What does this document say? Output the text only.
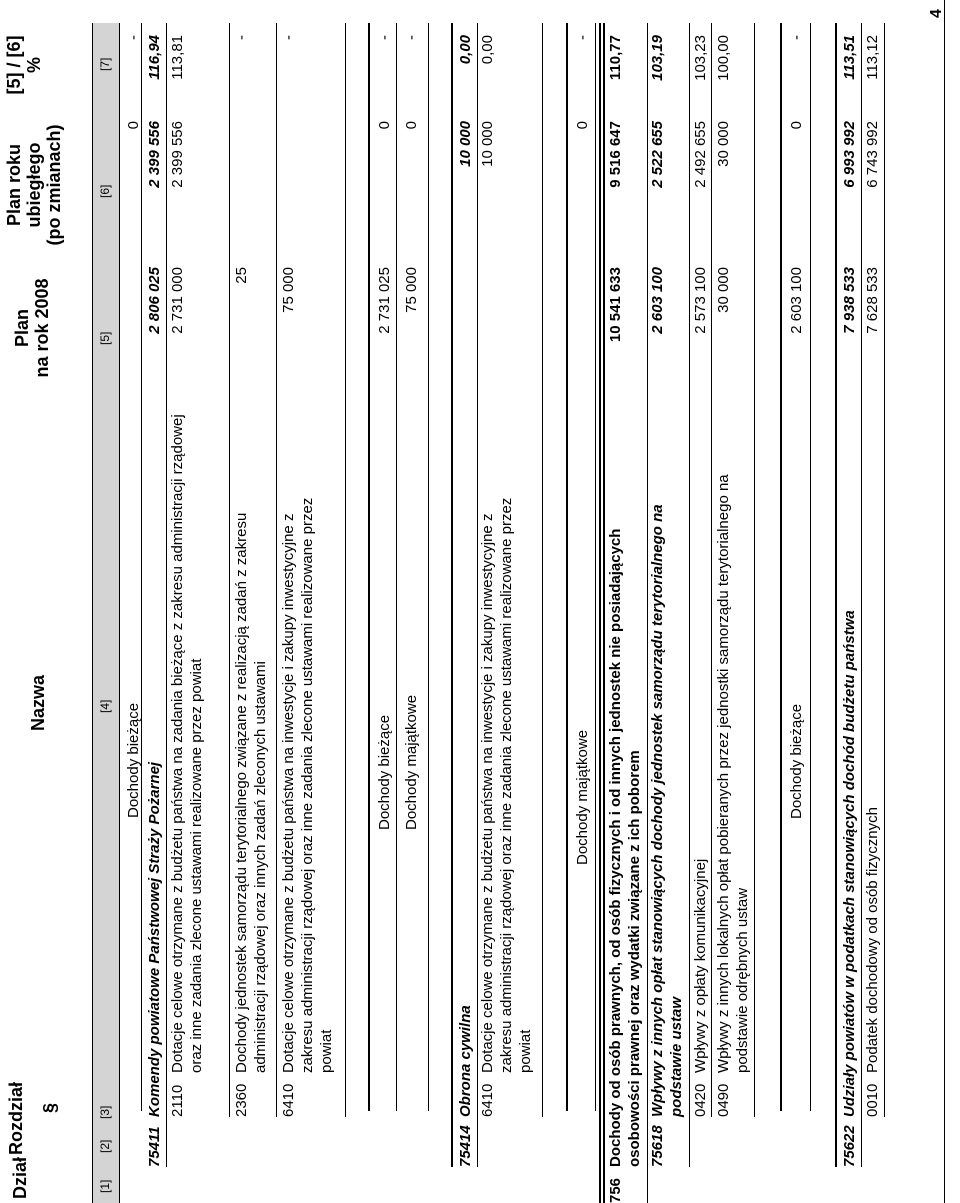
Dział
Rozdział §
Nazwa
Plan na rok 2008
Plan roku ubiegłego (po zmianach)
[5] / [6] %
[1]
[2]
[3]
[4]
[5]
[6]
[7]
Dochody bieżące
0
-
75411
Komendy powiatowe Państwowej Straży Pożarnej
2 806 025
2 399 556
116,94
2110
Dotacje celowe otrzymane z budżetu państwa na zadania bieżące z zakresu administracji rządowej oraz inne zadania zlecone ustawami realizowane przez powiat
2 731 000
2 399 556
113,81
2360
Dochody jednostek samorządu terytorialnego związane z realizacją zadań z zakresu administracji rządowej oraz innych zadań zleconych ustawami
25
-
6410
Dotacje celowe otrzymane z budżetu państwa na inwestycje i zakupy inwestycyjne z zakresu administracji rządowej oraz inne zadania zlecone ustawami realizowane przez powiat
75 000
-
Dochody bieżące
2 731 025
0
-
Dochody majątkowe
75 000
0
-
75414
Obrona cywilna
10 000
0,00
6410
Dotacje celowe otrzymane z budżetu państwa na inwestycje i zakupy inwestycyjne z zakresu administracji rządowej oraz inne zadania zlecone ustawami realizowane przez powiat
10 000
0,00
Dochody majątkowe
0
-
756
Dochody od osób prawnych, od osób fizycznych i od innych jednostek nie posiadających osobowości prawnej oraz wydatki związane z ich poborem
10 541 633
9 516 647
110,77
75618
Wpływy z innych opłat stanowiących dochody jednostek samorządu terytorialnego na podstawie ustaw
2 603 100
2 522 655
103,19
0420
Wpływy z opłaty komunikacyjnej
2 573 100
2 492 655
103,23
0490
Wpływy z innych lokalnych opłat pobieranych przez jednostki samorządu terytorialnego na podstawie odrębnych ustaw
30 000
30 000
100,00
Dochody bieżące
2 603 100
0
-
75622
Udziały powiatów w podatkach stanowiących dochód budżetu państwa
7 938 533
6 993 992
113,51
0010
Podatek dochodowy od osób fizycznych
7 628 533
6 743 992
113,12
4
